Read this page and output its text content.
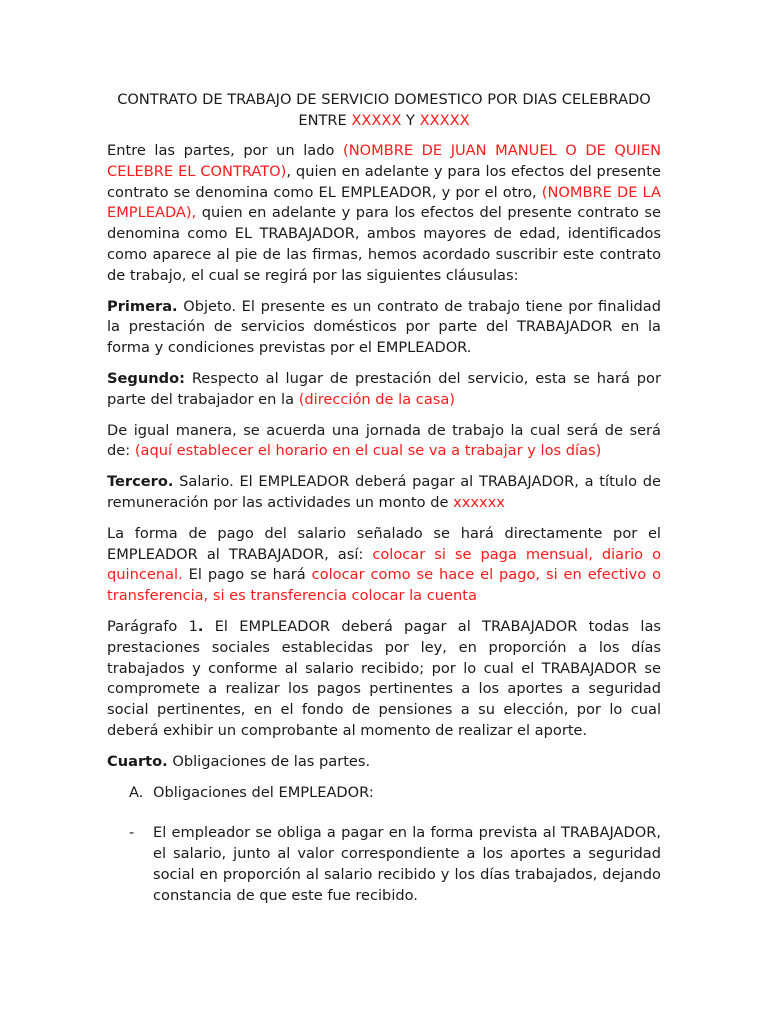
CONTRATO DE TRABAJO DE SERVICIO DOMESTICO POR DIAS CELEBRADO
ENTRE XXXXX Y XXXXX

Entre las partes, por un lado (NOMBRE DE JUAN MANUEL O DE QUIEN CELEBRE EL CONTRATO), quien en adelante y para los efectos del presente contrato se denomina como EL EMPLEADOR, y por el otro, (NOMBRE DE LA EMPLEADA), quien en adelante y para los efectos del presente contrato se denomina como EL TRABAJADOR, ambos mayores de edad, identificados como aparece al pie de las firmas, hemos acordado suscribir este contrato de trabajo, el cual se regirá por las siguientes cláusulas:

Primera. Objeto. El presente es un contrato de trabajo tiene por finalidad la prestación de servicios domésticos por parte del TRABAJADOR en la forma y condiciones previstas por el EMPLEADOR.

Segundo: Respecto al lugar de prestación del servicio, esta se hará por parte del trabajador en la (dirección de la casa)

De igual manera, se acuerda una jornada de trabajo la cual será de será de: (aquí establecer el horario en el cual se va a trabajar y los días)

Tercero. Salario. El EMPLEADOR deberá pagar al TRABAJADOR, a título de remuneración por las actividades un monto de xxxxxx

La forma de pago del salario señalado se hará directamente por el EMPLEADOR al TRABAJADOR, así: colocar si se paga mensual, diario o quincenal. El pago se hará colocar como se hace el pago, si en efectivo o transferencia, si es transferencia colocar la cuenta

Parágrafo 1. El EMPLEADOR deberá pagar al TRABAJADOR todas las prestaciones sociales establecidas por ley, en proporción a los días trabajados y conforme al salario recibido; por lo cual el TRABAJADOR se compromete a realizar los pagos pertinentes a los aportes a seguridad social pertinentes, en el fondo de pensiones a su elección, por lo cual deberá exhibir un comprobante al momento de realizar el aporte.

Cuarto. Obligaciones de las partes.

A. Obligaciones del EMPLEADOR:
-	El empleador se obliga a pagar en la forma prevista al TRABAJADOR, el salario, junto al valor correspondiente a los aportes a seguridad social en proporción al salario recibido y los días trabajados, dejando constancia de que este fue recibido.
